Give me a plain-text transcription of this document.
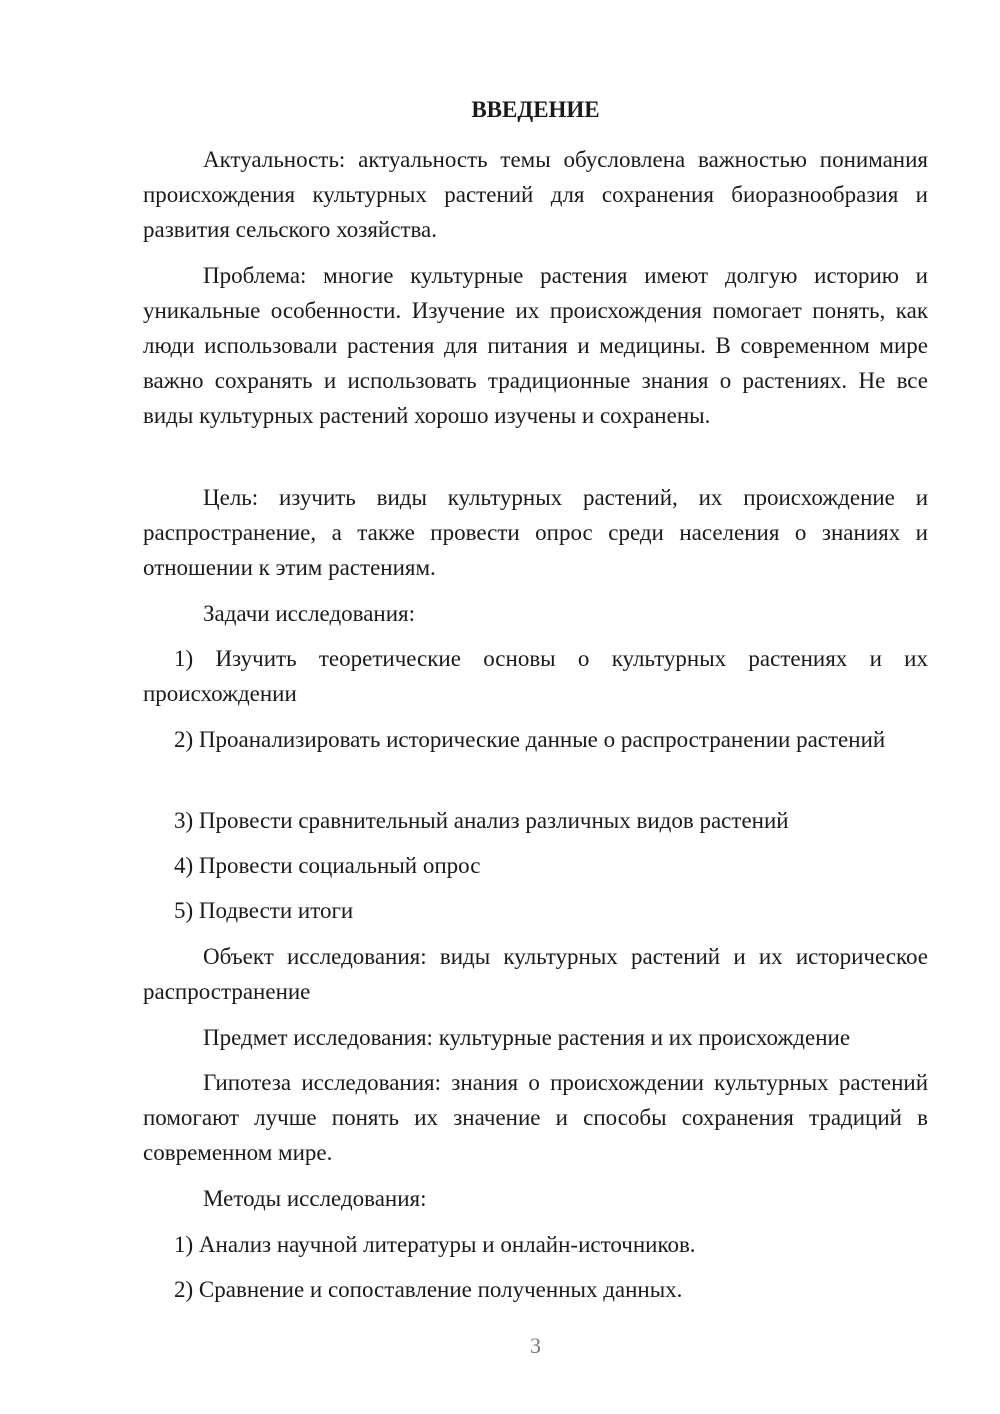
ВВЕДЕНИЕ

Актуальность: актуальность темы обусловлена важностью понимания происхождения культурных растений для сохранения биоразнообразия и развития сельского хозяйства.

Проблема: многие культурные растения имеют долгую историю и уникальные особенности. Изучение их происхождения помогает понять, как люди использовали растения для питания и медицины. В современном мире важно сохранять и использовать традиционные знания о растениях. Не все виды культурных растений хорошо изучены и сохранены.

Цель: изучить виды культурных растений, их происхождение и распространение, а также провести опрос среди населения о знаниях и отношении к этим растениям.

Задачи исследования:

1) Изучить теоретические основы о культурных растениях и их происхождении

2) Проанализировать исторические данные о распространении растений

3) Провести сравнительный анализ различных видов растений

4) Провести социальный опрос

5) Подвести итоги

Объект исследования: виды культурных растений и их историческое распространение

Предмет исследования: культурные растения и их происхождение

Гипотеза исследования: знания о происхождении культурных растений помогают лучше понять их значение и способы сохранения традиций в современном мире.

Методы исследования:

1) Анализ научной литературы и онлайн-источников.

2) Сравнение и сопоставление полученных данных.

3
